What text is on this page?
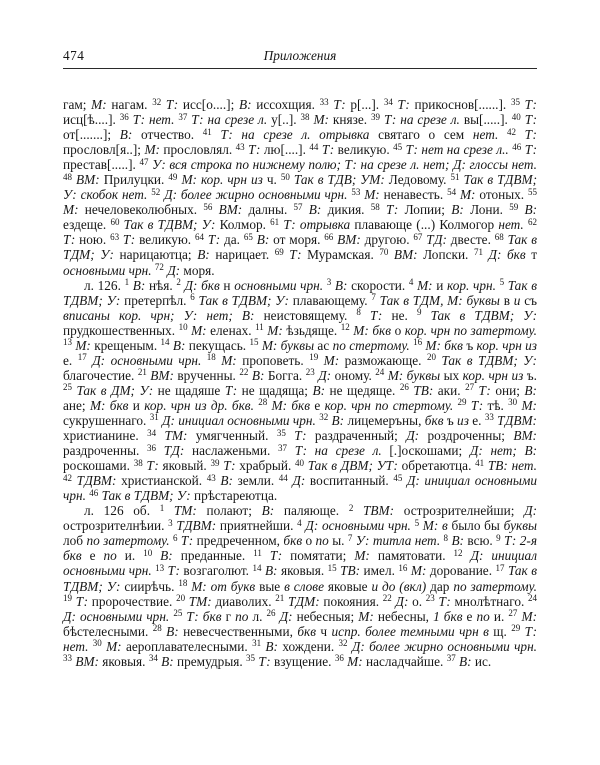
474	Приложения

гам; М: нагам. $^{32}$ Т: исс[о....]; В: иссохщия. $^{33}$ Т: р[...]. $^{34}$ Т: прикоснов[......]. $^{35}$ Т: исц[ѣ....]. $^{36}$ Т: нет. $^{37}$ Т: на срезе л. у[..]. $^{38}$ М: князе. $^{39}$ Т: на срезе л. вы[.....]. $^{40}$ Т: от[.......]; В: отчество. $^{41}$ Т: на срезе л. отрывка святаго о сем нет. $^{42}$ Т: прословл[я..]; М: прословлял. $^{43}$ Т: лю[....]. $^{44}$ Т: великую. $^{45}$ Т: нет на срезе л.. $^{46}$ Т: престав[.....]. $^{47}$ У: вся строка по нижнему полю; Т: на срезе л. нет; Д: глоссы нет. $^{48}$ ВМ: Прилуцки. $^{49}$ М: кор. чрн из ч. $^{50}$ Так в ТДВ; УМ: Ледовому. $^{51}$ Так в ТДВМ; У: скобок нет. $^{52}$ Д: более жирно основными чрн. $^{53}$ М: ненавесть. $^{54}$ М: отоных. $^{55}$ М: нечеловеколюбных. $^{56}$ ВМ: далны. $^{57}$ В: дикия. $^{58}$ Т: Лопии; В: Лони. $^{59}$ В: ездеще. $^{60}$ Так в ТДВМ; У: Колмор. $^{61}$ Т: отрывка плавающе (...) Колмогор нет. $^{62}$ Т: ною. $^{63}$ Т: великую. $^{64}$ Т: да. $^{65}$ В: от моря. $^{66}$ ВМ: другою. $^{67}$ ТД: двесте. $^{68}$ Так в ТДМ; У: нарицаютца; В: нарицает. $^{69}$ Т: Мурамская. $^{70}$ ВМ: Лопски. $^{71}$ Д: бкв т основными чрн. $^{72}$ Д: моря.

л. 126. $^1$ В: нѣя. $^2$ Д: бкв н основными чрн. $^3$ В: скорости. $^4$ М: и кор. чрн. $^5$ Так в ТДВМ; У: претерпѣл. $^6$ Так в ТДВМ; У: плавающему. $^7$ Так в ТДМ, М: буквы в и съ вписаны кор. чрн; У: нет; В: неистовящему. $^8$ Т: не. $^9$ Так в ТДВМ; У: прудкошественных. $^{10}$ М: еленах. $^{11}$ М: ѣзьдяще. $^{12}$ М: бкв о кор. чрн по затертому. $^{13}$ М: крещеным. $^{14}$ В: пекущась. $^{15}$ М: буквы ас по стертому. $^{16}$ М: бкв ъ кор. чрн из е. $^{17}$ Д: основными чрн. $^{18}$ М: проповеть. $^{19}$ М: разможающе. $^{20}$ Так в ТДВМ; У: благочестие. $^{21}$ ВМ: врученны. $^{22}$ В: Богга. $^{23}$ Д: оному. $^{24}$ М: буквы ых кор. чрн из ъ. $^{25}$ Так в ДМ; У: не щадяше Т: не щадяща; В: не щедяще. $^{26}$ ТВ: аки. $^{27}$ Т: они; В: ане; М: бкв и кор. чрн из др. бкв. $^{28}$ М: бкв е кор. чрн по стертому. $^{29}$ Т: тѣ. $^{30}$ М: сукрушеннаго. $^{31}$ Д: инициал основными чрн. $^{32}$ В: лицемеръны, бкв ъ из е. $^{33}$ ТДВМ: христианине. $^{34}$ ТМ: умягченный. $^{35}$ Т: раздраченный; Д: роздроченны; ВМ: раздроченны. $^{36}$ ТД: наслаженьми. $^{37}$ Т: на срезе л. [.]оскошами; Д: нет; В: роскошами. $^{38}$ Т: яковый. $^{39}$ Т: храбрый. $^{40}$ Так в ДВМ; УТ: обретаютца. $^{41}$ ТВ: нет. $^{42}$ ТДВМ: христианской. $^{43}$ В: земли. $^{44}$ Д: воспитанный. $^{45}$ Д: инициал основными чрн. $^{46}$ Так в ТДВМ; У: прѣстареютца.

л. 126 об. $^1$ ТМ: полают; В: паляюще. $^2$ ТВМ: острозрителнейши; Д: острозрителнѣии. $^3$ ТДВМ: приятнейши. $^4$ Д: основными чрн. $^5$ М: в было бы буквы лоб по затертому. $^6$ Т: предреченном, бкв о по ы. $^7$ У: титла нет. $^8$ В: всю. $^9$ Т: 2-я бкв е по и. $^{10}$ В: преданные. $^{11}$ Т: помятати; М: памятовати. $^{12}$ Д: инициал основными чрн. $^{13}$ Т: возгаголют. $^{14}$ В: яковыя. $^{15}$ ТВ: имел. $^{16}$ М: дорование. $^{17}$ Так в ТДВМ; У: сиирѣчь. $^{18}$ М: от букв вые в слове яковые и до (вкл) дар по затертому. $^{19}$ Т: пророчествие. $^{20}$ ТМ: диаволих. $^{21}$ ТДМ: покояния. $^{22}$ Д: о. $^{23}$ Т: мнолѣтнаго. $^{24}$ Д: основными чрн. $^{25}$ Т: бкв г по л. $^{26}$ Д: небесныя; М: небесны, 1 бкв е по и. $^{27}$ М: бѣстелесными. $^{28}$ В: невесчественными, бкв ч испр. более темными чрн в щ. $^{29}$ Т: нет. $^{30}$ М: аероплавателесными. $^{31}$ В: хождени. $^{32}$ Д: более жирно основными чрн. $^{33}$ ВМ: яковыя. $^{34}$ В: премудрыя. $^{35}$ Т: взущение. $^{36}$ М: насладчайше. $^{37}$ В: ис.
